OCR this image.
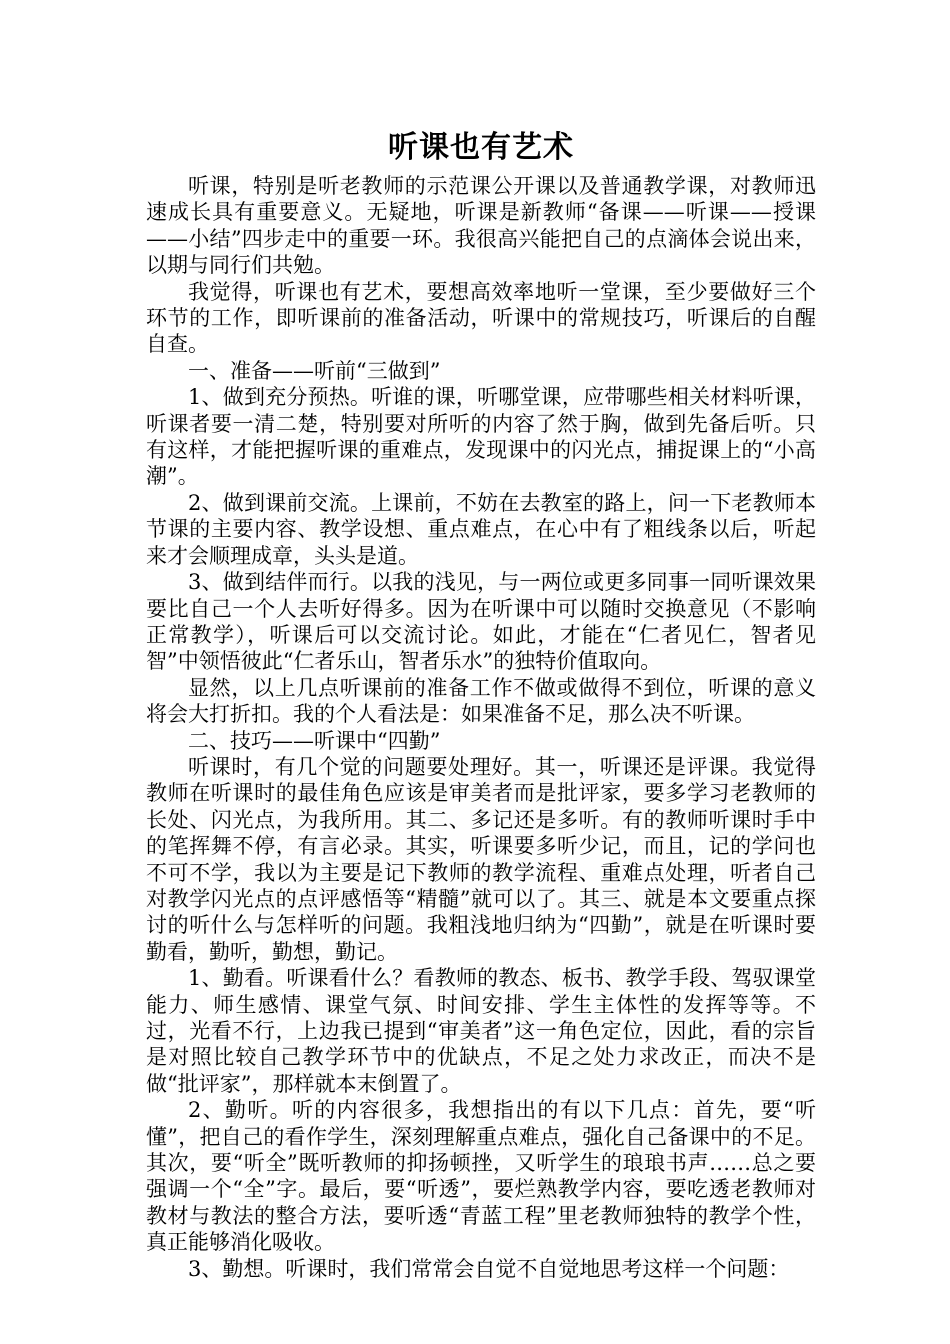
听课也有艺术

听课，特别是听老教师的示范课公开课以及普通教学课，对教师迅速成长具有重要意义。无疑地，听课是新教师“备课——听课——授课——小结”四步走中的重要一环。我很高兴能把自己的点滴体会说出来，以期与同行们共勉。

我觉得，听课也有艺术，要想高效率地听一堂课，至少要做好三个环节的工作，即听课前的准备活动，听课中的常规技巧，听课后的自醒自查。

一、准备——听前“三做到”

1、做到充分预热。听谁的课，听哪堂课，应带哪些相关材料听课，听课者要一清二楚，特别要对所听的内容了然于胸，做到先备后听。只有这样，才能把握听课的重难点，发现课中的闪光点，捕捉课上的“小高潮”。

2、做到课前交流。上课前，不妨在去教室的路上，问一下老教师本节课的主要内容、教学设想、重点难点，在心中有了粗线条以后，听起来才会顺理成章，头头是道。

3、做到结伴而行。以我的浅见，与一两位或更多同事一同听课效果要比自己一个人去听好得多。因为在听课中可以随时交换意见（不影响正常教学），听课后可以交流讨论。如此，才能在“仁者见仁，智者见智”中领悟彼此“仁者乐山，智者乐水”的独特价值取向。

显然，以上几点听课前的准备工作不做或做得不到位，听课的意义将会大打折扣。我的个人看法是：如果准备不足，那么决不听课。

二、技巧——听课中“四勤”

听课时，有几个觉的问题要处理好。其一，听课还是评课。我觉得教师在听课时的最佳角色应该是审美者而是批评家，要多学习老教师的长处、闪光点，为我所用。其二、多记还是多听。有的教师听课时手中的笔挥舞不停，有言必录。其实，听课要多听少记，而且，记的学问也不可不学，我以为主要是记下教师的教学流程、重难点处理，听者自己对教学闪光点的点评感悟等“精髓”就可以了。其三、就是本文要重点探讨的听什么与怎样听的问题。我粗浅地归纳为“四勤”，就是在听课时要勤看，勤听，勤想，勤记。

1、勤看。听课看什么？看教师的教态、板书、教学手段、驾驭课堂能力、师生感情、课堂气氛、时间安排、学生主体性的发挥等等。不过，光看不行，上边我已提到“审美者”这一角色定位，因此，看的宗旨是对照比较自己教学环节中的优缺点，不足之处力求改正，而决不是做“批评家”，那样就本末倒置了。

2、勤听。听的内容很多，我想指出的有以下几点：首先，要“听懂”，把自己的看作学生，深刻理解重点难点，强化自己备课中的不足。其次，要“听全”既听教师的抑扬顿挫，又听学生的琅琅书声……总之要强调一个“全”字。最后，要“听透”，要烂熟教学内容，要吃透老教师对教材与教法的整合方法，要听透“青蓝工程”里老教师独特的教学个性，真正能够消化吸收。

3、勤想。听课时，我们常常会自觉不自觉地思考这样一个问题：
